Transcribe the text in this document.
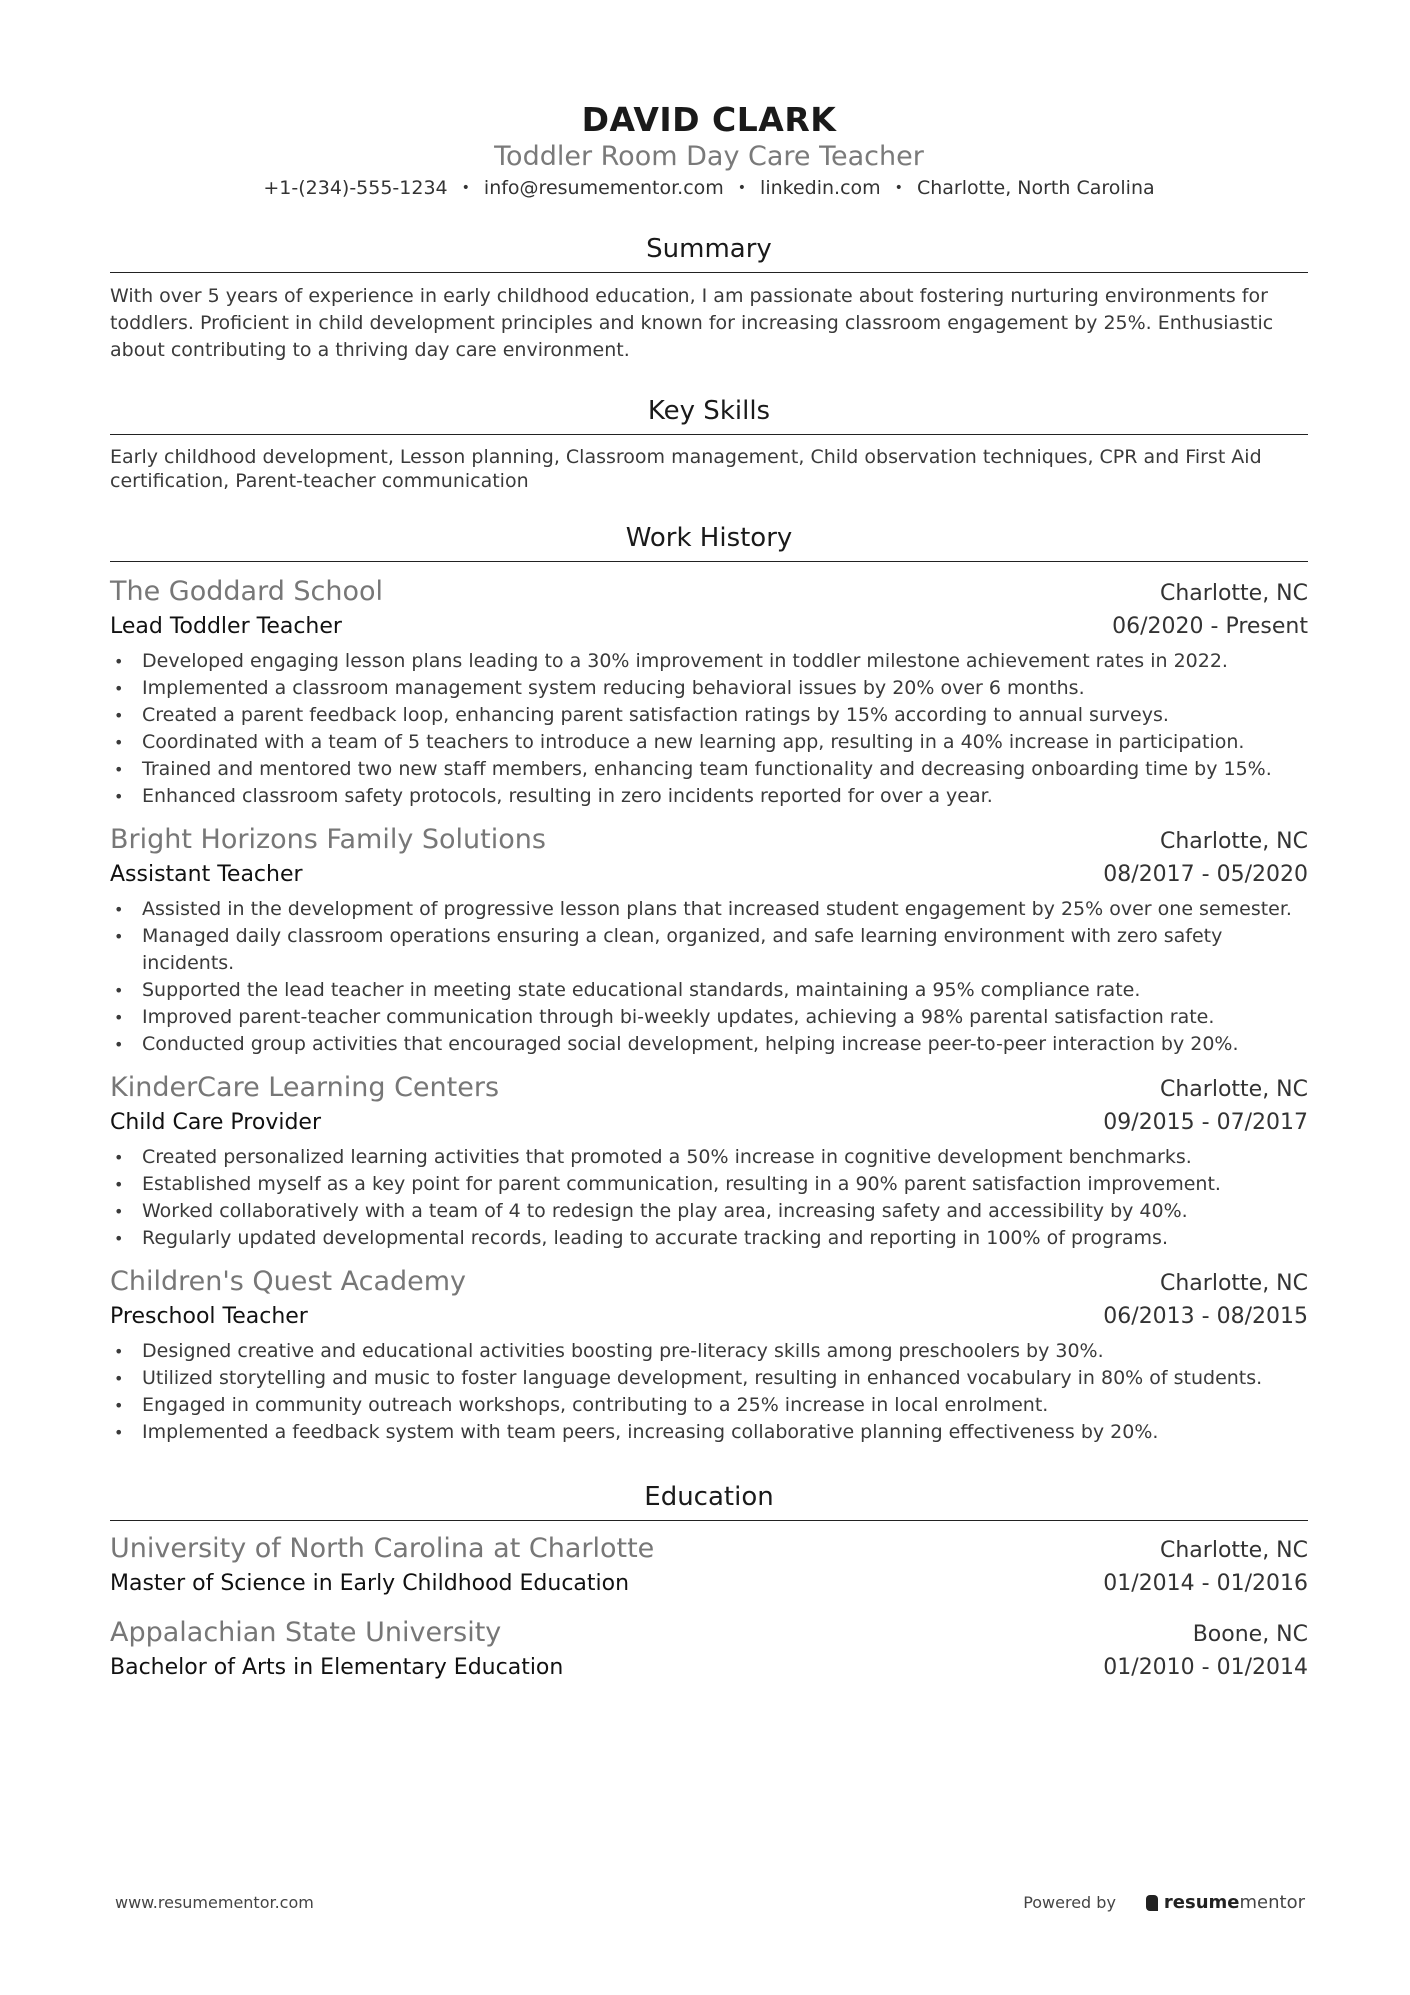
DAVID CLARK
Toddler Room Day Care Teacher
+1-(234)-555-1234 • info@resumementor.com • linkedin.com • Charlotte, North Carolina
Summary
With over 5 years of experience in early childhood education, I am passionate about fostering nurturing environments for toddlers. Proficient in child development principles and known for increasing classroom engagement by 25%. Enthusiastic about contributing to a thriving day care environment.
Key Skills
Early childhood development, Lesson planning, Classroom management, Child observation techniques, CPR and First Aid certification, Parent-teacher communication
Work History
The Goddard School	Charlotte, NC
Lead Toddler Teacher	06/2020 - Present
• Developed engaging lesson plans leading to a 30% improvement in toddler milestone achievement rates in 2022.
• Implemented a classroom management system reducing behavioral issues by 20% over 6 months.
• Created a parent feedback loop, enhancing parent satisfaction ratings by 15% according to annual surveys.
• Coordinated with a team of 5 teachers to introduce a new learning app, resulting in a 40% increase in participation.
• Trained and mentored two new staff members, enhancing team functionality and decreasing onboarding time by 15%.
• Enhanced classroom safety protocols, resulting in zero incidents reported for over a year.
Bright Horizons Family Solutions	Charlotte, NC
Assistant Teacher	08/2017 - 05/2020
• Assisted in the development of progressive lesson plans that increased student engagement by 25% over one semester.
• Managed daily classroom operations ensuring a clean, organized, and safe learning environment with zero safety incidents.
• Supported the lead teacher in meeting state educational standards, maintaining a 95% compliance rate.
• Improved parent-teacher communication through bi-weekly updates, achieving a 98% parental satisfaction rate.
• Conducted group activities that encouraged social development, helping increase peer-to-peer interaction by 20%.
KinderCare Learning Centers	Charlotte, NC
Child Care Provider	09/2015 - 07/2017
• Created personalized learning activities that promoted a 50% increase in cognitive development benchmarks.
• Established myself as a key point for parent communication, resulting in a 90% parent satisfaction improvement.
• Worked collaboratively with a team of 4 to redesign the play area, increasing safety and accessibility by 40%.
• Regularly updated developmental records, leading to accurate tracking and reporting in 100% of programs.
Children's Quest Academy	Charlotte, NC
Preschool Teacher	06/2013 - 08/2015
• Designed creative and educational activities boosting pre-literacy skills among preschoolers by 30%.
• Utilized storytelling and music to foster language development, resulting in enhanced vocabulary in 80% of students.
• Engaged in community outreach workshops, contributing to a 25% increase in local enrolment.
• Implemented a feedback system with team peers, increasing collaborative planning effectiveness by 20%.
Education
University of North Carolina at Charlotte	Charlotte, NC
Master of Science in Early Childhood Education	01/2014 - 01/2016
Appalachian State University	Boone, NC
Bachelor of Arts in Elementary Education	01/2010 - 01/2014
www.resumementor.com	Powered by	resume mentor
